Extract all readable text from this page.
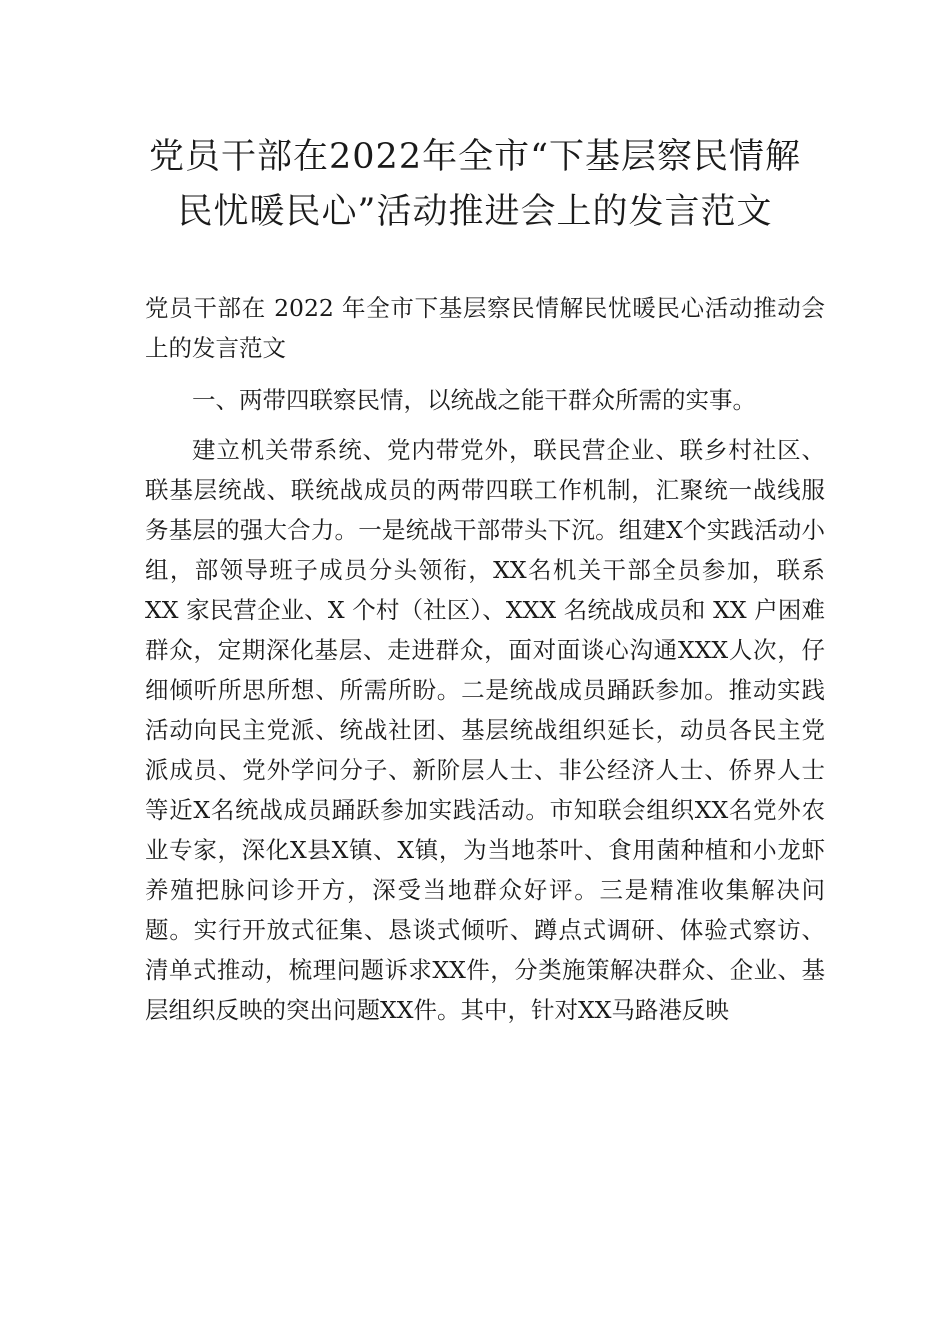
党员干部在2022年全市“下基层察民情解
民忧暖民心”活动推进会上的发言范文

党员干部在 2022 年全市下基层察民情解民忧暖民心活动推动会上的发言范文

一、两带四联察民情，以统战之能干群众所需的实事。

建立机关带系统、党内带党外，联民营企业、联乡村社区、联基层统战、联统战成员的两带四联工作机制，汇聚统一战线服务基层的强大合力。一是统战干部带头下沉。组建X个实践活动小组，部领导班子成员分头领衔，XX名机关干部全员参加，联系 XX 家民营企业、X 个村（社区）、XXX 名统战成员和 XX 户困难群众，定期深化基层、走进群众，面对面谈心沟通XXX人次，仔细倾听所思所想、所需所盼。二是统战成员踊跃参加。推动实践活动向民主党派、统战社团、基层统战组织延长，动员各民主党派成员、党外学问分子、新阶层人士、非公经济人士、侨界人士等近X名统战成员踊跃参加实践活动。市知联会组织XX名党外农业专家，深化X县X镇、X镇，为当地茶叶、食用菌种植和小龙虾养殖把脉问诊开方，深受当地群众好评。三是精准收集解决问题。实行开放式征集、恳谈式倾听、蹲点式调研、体验式察访、清单式推动，梳理问题诉求XX件，分类施策解决群众、企业、基层组织反映的突出问题XX件。其中，针对XX马路港反映
